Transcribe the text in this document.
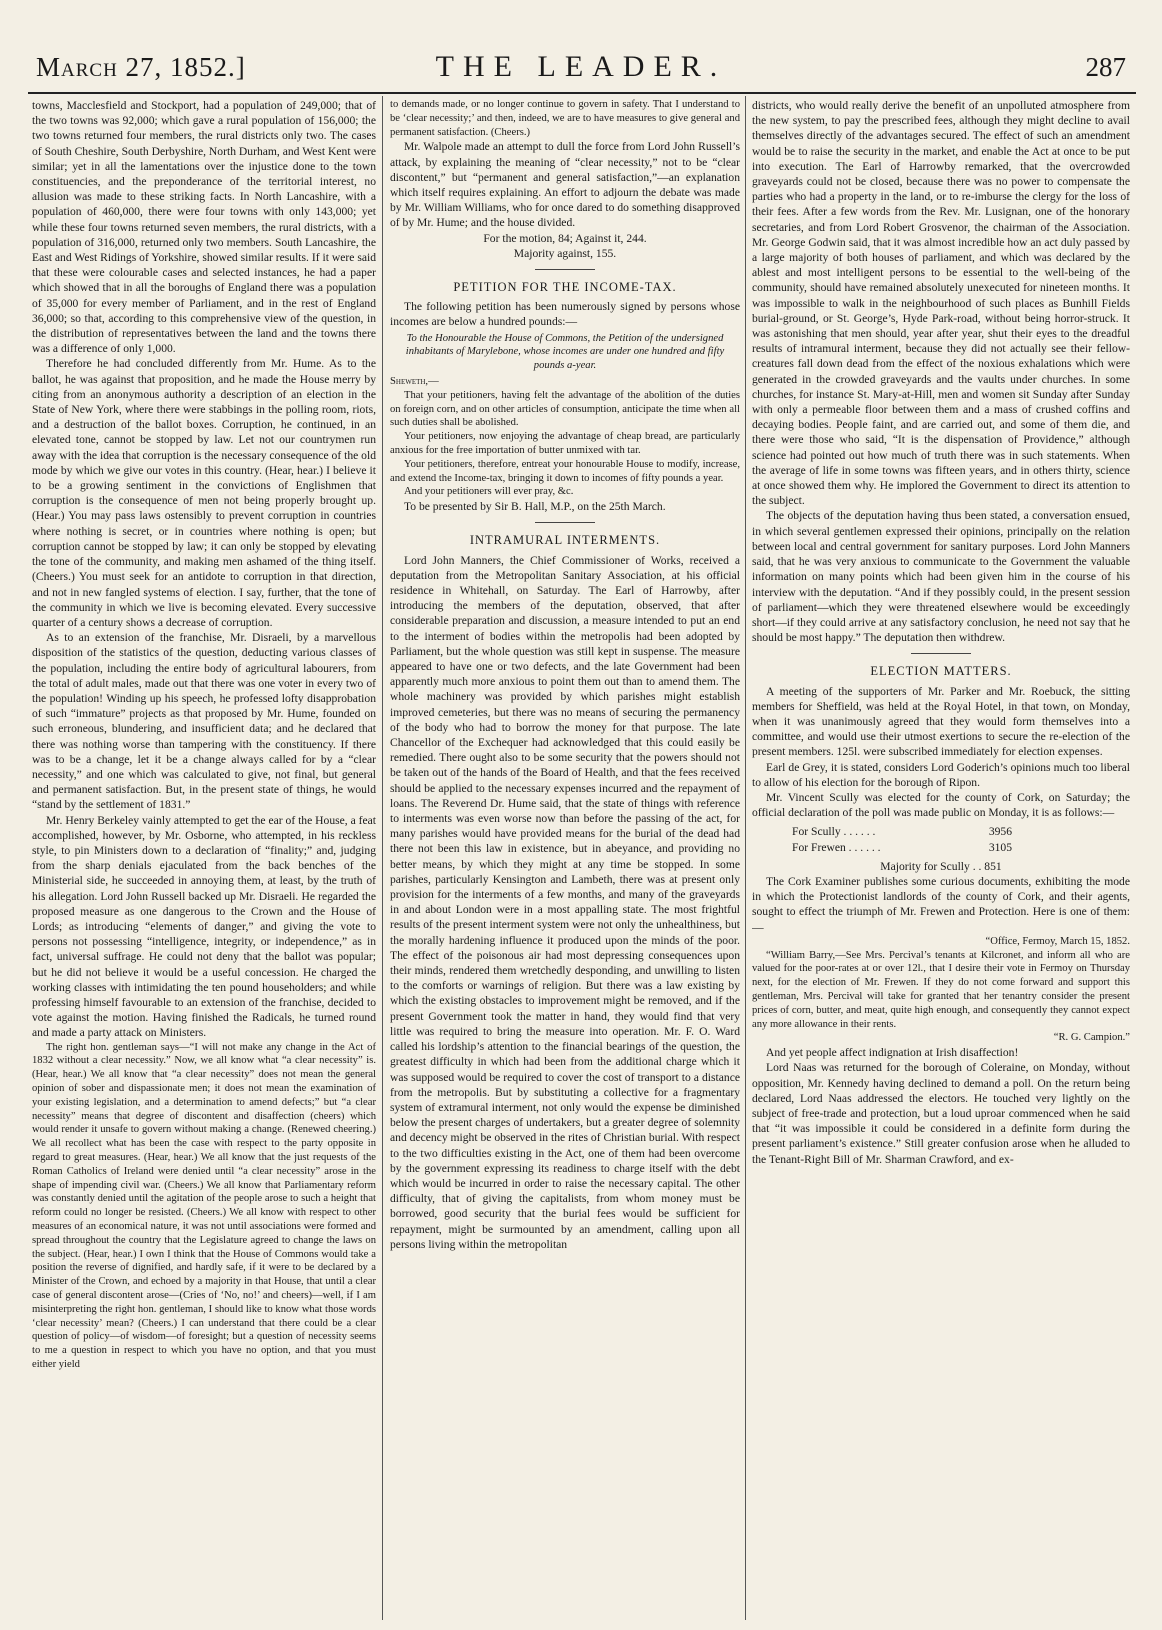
March 27, 1852.]	THE LEADER.	287

towns, Macclesfield and Stockport, had a population of 249,000; that of the two towns was 92,000; which gave a rural population of 156,000; the two towns returned four members, the rural districts only two. The cases of South Cheshire, South Derbyshire, North Durham, and West Kent were similar; yet in all the lamentations over the injustice done to the town constituencies, and the preponderance of the territorial interest, no allusion was made to these striking facts. In North Lancashire, with a population of 460,000, there were four towns with only 143,000; yet while these four towns returned seven members, the rural districts, with a population of 316,000, returned only two members. South Lancashire, the East and West Ridings of Yorkshire, showed similar results. If it were said that these were colourable cases and selected instances, he had a paper which showed that in all the boroughs of England there was a population of 35,000 for every member of Parliament, and in the rest of England 36,000; so that, according to this comprehensive view of the question, in the distribution of representatives between the land and the towns there was a difference of only 1,000.

Therefore he had concluded differently from Mr. Hume. As to the ballot, he was against that proposition, and he made the House merry by citing from an anonymous authority a description of an election in the State of New York, where there were stabbings in the polling room, riots, and a destruction of the ballot boxes. Corruption, he continued, in an elevated tone, cannot be stopped by law. Let not our countrymen run away with the idea that corruption is the necessary consequence of the old mode by which we give our votes in this country. (Hear, hear.) I believe it to be a growing sentiment in the convictions of Englishmen that corruption is the consequence of men not being properly brought up. (Hear.) You may pass laws ostensibly to prevent corruption in countries where nothing is secret, or in countries where nothing is open; but corruption cannot be stopped by law; it can only be stopped by elevating the tone of the community, and making men ashamed of the thing itself. (Cheers.) You must seek for an antidote to corruption in that direction, and not in new fangled systems of election. I say, further, that the tone of the community in which we live is becoming elevated. Every successive quarter of a century shows a decrease of corruption.

As to an extension of the franchise, Mr. Disraeli, by a marvellous disposition of the statistics of the question, deducting various classes of the population, including the entire body of agricultural labourers, from the total of adult males, made out that there was one voter in every two of the population! Winding up his speech, he professed lofty disapprobation of such “immature” projects as that proposed by Mr. Hume, founded on such erroneous, blundering, and insufficient data; and he declared that there was nothing worse than tampering with the constituency. If there was to be a change, let it be a change always called for by a “clear necessity,” and one which was calculated to give, not final, but general and permanent satisfaction. But, in the present state of things, he would “stand by the settlement of 1831.”

Mr. Henry Berkeley vainly attempted to get the ear of the House, a feat accomplished, however, by Mr. Osborne, who attempted, in his reckless style, to pin Ministers down to a declaration of “finality;” and, judging from the sharp denials ejaculated from the back benches of the Ministerial side, he succeeded in annoying them, at least, by the truth of his allegation. Lord John Russell backed up Mr. Disraeli. He regarded the proposed measure as one dangerous to the Crown and the House of Lords; as introducing “elements of danger,” and giving the vote to persons not possessing “intelligence, integrity, or independence,” as in fact, universal suffrage. He could not deny that the ballot was popular; but he did not believe it would be a useful concession. He charged the working classes with intimidating the ten pound householders; and while professing himself favourable to an extension of the franchise, decided to vote against the motion. Having finished the Radicals, he turned round and made a party attack on Ministers.

The right hon. gentleman says—“I will not make any change in the Act of 1832 without a clear necessity.” Now, we all know what “a clear necessity” is. (Hear, hear.) We all know that “a clear necessity” does not mean the general opinion of sober and dispassionate men; it does not mean the examination of your existing legislation, and a determination to amend defects;” but “a clear necessity” means that degree of discontent and disaffection (cheers) which would render it unsafe to govern without making a change. (Renewed cheering.) We all recollect what has been the case with respect to the party opposite in regard to great measures. (Hear, hear.) We all know that the just requests of the Roman Catholics of Ireland were denied until “a clear necessity” arose in the shape of impending civil war. (Cheers.) We all know that Parliamentary reform was constantly denied until the agitation of the people arose to such a height that reform could no longer be resisted. (Cheers.) We all know with respect to other measures of an economical nature, it was not until associations were formed and spread throughout the country that the Legislature agreed to change the laws on the subject. (Hear, hear.) I own I think that the House of Commons would take a position the reverse of dignified, and hardly safe, if it were to be declared by a Minister of the Crown, and echoed by a majority in that House, that until a clear case of general discontent arose—(Cries of ‘No, no!’ and cheers)—well, if I am misinterpreting the right hon. gentleman, I should like to know what those words ‘clear necessity’ mean? (Cheers.) I can understand that there could be a clear question of policy—of wisdom—of foresight; but a question of necessity seems to me a question in respect to which you have no option, and that you must either yield

to demands made, or no longer continue to govern in safety. That I understand to be ‘clear necessity;’ and then, indeed, we are to have measures to give general and permanent satisfaction. (Cheers.)

Mr. Walpole made an attempt to dull the force from Lord John Russell’s attack, by explaining the meaning of “clear necessity,” not to be “clear discontent,” but “permanent and general satisfaction,”—an explanation which itself requires explaining. An effort to adjourn the debate was made by Mr. William Williams, who for once dared to do something disapproved of by Mr. Hume; and the house divided.

For the motion, 84; Against it, 244.

Majority against, 155.

PETITION FOR THE INCOME-TAX.

The following petition has been numerously signed by persons whose incomes are below a hundred pounds:—

To the Honourable the House of Commons, the Petition of the undersigned inhabitants of Marylebone, whose incomes are under one hundred and fifty pounds a-year.

Sheweth,—

That your petitioners, having felt the advantage of the abolition of the duties on foreign corn, and on other articles of consumption, anticipate the time when all such duties shall be abolished.

Your petitioners, now enjoying the advantage of cheap bread, are particularly anxious for the free importation of butter unmixed with tar.

Your petitioners, therefore, entreat your honourable House to modify, increase, and extend the Income-tax, bringing it down to incomes of fifty pounds a year.

And your petitioners will ever pray, &c.

To be presented by Sir B. Hall, M.P., on the 25th March.

INTRAMURAL INTERMENTS.

Lord John Manners, the Chief Commissioner of Works, received a deputation from the Metropolitan Sanitary Association, at his official residence in Whitehall, on Saturday. The Earl of Harrowby, after introducing the members of the deputation, observed, that after considerable preparation and discussion, a measure intended to put an end to the interment of bodies within the metropolis had been adopted by Parliament, but the whole question was still kept in suspense. The measure appeared to have one or two defects, and the late Government had been apparently much more anxious to point them out than to amend them. The whole machinery was provided by which parishes might establish improved cemeteries, but there was no means of securing the permanency of the body who had to borrow the money for that purpose. The late Chancellor of the Exchequer had acknowledged that this could easily be remedied. There ought also to be some security that the powers should not be taken out of the hands of the Board of Health, and that the fees received should be applied to the necessary expenses incurred and the repayment of loans. The Reverend Dr. Hume said, that the state of things with reference to interments was even worse now than before the passing of the act, for many parishes would have provided means for the burial of the dead had there not been this law in existence, but in abeyance, and providing no better means, by which they might at any time be stopped. In some parishes, particularly Kensington and Lambeth, there was at present only provision for the interments of a few months, and many of the graveyards in and about London were in a most appalling state. The most frightful results of the present interment system were not only the unhealthiness, but the morally hardening influence it produced upon the minds of the poor. The effect of the poisonous air had most depressing consequences upon their minds, rendered them wretchedly desponding, and unwilling to listen to the comforts or warnings of religion. But there was a law existing by which the existing obstacles to improvement might be removed, and if the present Government took the matter in hand, they would find that very little was required to bring the measure into operation. Mr. F. O. Ward called his lordship’s attention to the financial bearings of the question, the greatest difficulty in which had been from the additional charge which it was supposed would be required to cover the cost of transport to a distance from the metropolis. But by substituting a collective for a fragmentary system of extramural interment, not only would the expense be diminished below the present charges of undertakers, but a greater degree of solemnity and decency might be observed in the rites of Christian burial. With respect to the two difficulties existing in the Act, one of them had been overcome by the government expressing its readiness to charge itself with the debt which would be incurred in order to raise the necessary capital. The other difficulty, that of giving the capitalists, from whom money must be borrowed, good security that the burial fees would be sufficient for repayment, might be surmounted by an amendment, calling upon all persons living within the metropolitan

districts, who would really derive the benefit of an unpolluted atmosphere from the new system, to pay the prescribed fees, although they might decline to avail themselves directly of the advantages secured. The effect of such an amendment would be to raise the security in the market, and enable the Act at once to be put into execution. The Earl of Harrowby remarked, that the overcrowded graveyards could not be closed, because there was no power to compensate the parties who had a property in the land, or to re-imburse the clergy for the loss of their fees. After a few words from the Rev. Mr. Lusignan, one of the honorary secretaries, and from Lord Robert Grosvenor, the chairman of the Association. Mr. George Godwin said, that it was almost incredible how an act duly passed by a large majority of both houses of parliament, and which was declared by the ablest and most intelligent persons to be essential to the well-being of the community, should have remained absolutely unexecuted for nineteen months. It was impossible to walk in the neighbourhood of such places as Bunhill Fields burial-ground, or St. George’s, Hyde Park-road, without being horror-struck. It was astonishing that men should, year after year, shut their eyes to the dreadful results of intramural interment, because they did not actually see their fellow-creatures fall down dead from the effect of the noxious exhalations which were generated in the crowded graveyards and the vaults under churches. In some churches, for instance St. Mary-at-Hill, men and women sit Sunday after Sunday with only a permeable floor between them and a mass of crushed coffins and decaying bodies. People faint, and are carried out, and some of them die, and there were those who said, “It is the dispensation of Providence,” although science had pointed out how much of truth there was in such statements. When the average of life in some towns was fifteen years, and in others thirty, science at once showed them why. He implored the Government to direct its attention to the subject.

The objects of the deputation having thus been stated, a conversation ensued, in which several gentlemen expressed their opinions, principally on the relation between local and central government for sanitary purposes. Lord John Manners said, that he was very anxious to communicate to the Government the valuable information on many points which had been given him in the course of his interview with the deputation. “And if they possibly could, in the present session of parliament—which they were threatened elsewhere would be exceedingly short—if they could arrive at any satisfactory conclusion, he need not say that he should be most happy.” The deputation then withdrew.

ELECTION MATTERS.

A meeting of the supporters of Mr. Parker and Mr. Roebuck, the sitting members for Sheffield, was held at the Royal Hotel, in that town, on Monday, when it was unanimously agreed that they would form themselves into a committee, and would use their utmost exertions to secure the re-election of the present members. 125l. were subscribed immediately for election expenses.

Earl de Grey, it is stated, considers Lord Goderich’s opinions much too liberal to allow of his election for the borough of Ripon.

Mr. Vincent Scully was elected for the county of Cork, on Saturday; the official declaration of the poll was made public on Monday, it is as follows:—

For Scully . . . . . .	3956
For Frewen . . . . . .	3105

Majority for Scully . . 851

The Cork Examiner publishes some curious documents, exhibiting the mode in which the Protectionist landlords of the county of Cork, and their agents, sought to effect the triumph of Mr. Frewen and Protection. Here is one of them:—

“Office, Fermoy, March 15, 1852.

“William Barry,—See Mrs. Percival’s tenants at Kilcronet, and inform all who are valued for the poor-rates at or over 12l., that I desire their vote in Fermoy on Thursday next, for the election of Mr. Frewen. If they do not come forward and support this gentleman, Mrs. Percival will take for granted that her tenantry consider the present prices of corn, butter, and meat, quite high enough, and consequently they cannot expect any more allowance in their rents.

“R. G. Campion.”

And yet people affect indignation at Irish disaffection!

Lord Naas was returned for the borough of Coleraine, on Monday, without opposition, Mr. Kennedy having declined to demand a poll. On the return being declared, Lord Naas addressed the electors. He touched very lightly on the subject of free-trade and protection, but a loud uproar commenced when he said that “it was impossible it could be considered in a definite form during the present parliament’s existence.” Still greater confusion arose when he alluded to the Tenant-Right Bill of Mr. Sharman Crawford, and ex-
